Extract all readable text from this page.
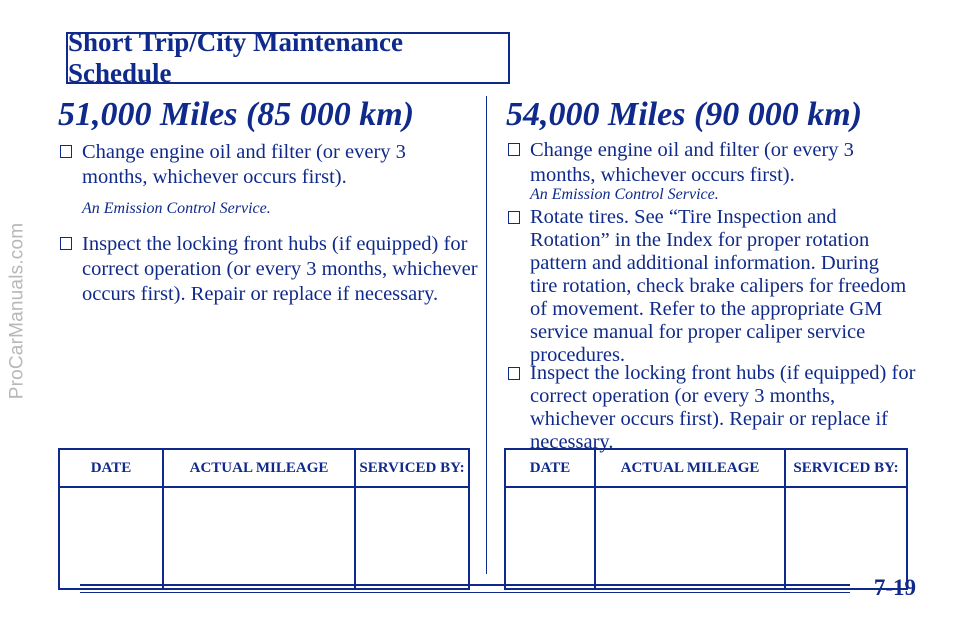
ProCarManuals.com
Short Trip/City Maintenance Schedule
51,000 Miles (85 000 km)
Change engine oil and filter (or every 3 months, whichever occurs first).
An Emission Control Service.
Inspect the locking front hubs (if equipped) for correct operation (or every 3 months, whichever occurs first). Repair or replace if necessary.
DATE	ACTUAL MILEAGE	SERVICED BY:

54,000 Miles (90 000 km)
Change engine oil and filter (or every 3 months, whichever occurs first).
An Emission Control Service.
Rotate tires. See “Tire Inspection and Rotation” in the Index for proper rotation pattern and additional information. During tire rotation, check brake calipers for freedom of movement. Refer to the appropriate GM service manual for proper caliper service procedures.
Inspect the locking front hubs (if equipped) for correct operation (or every 3 months, whichever occurs first). Repair or replace if necessary.
DATE	ACTUAL MILEAGE	SERVICED BY:

7-19
